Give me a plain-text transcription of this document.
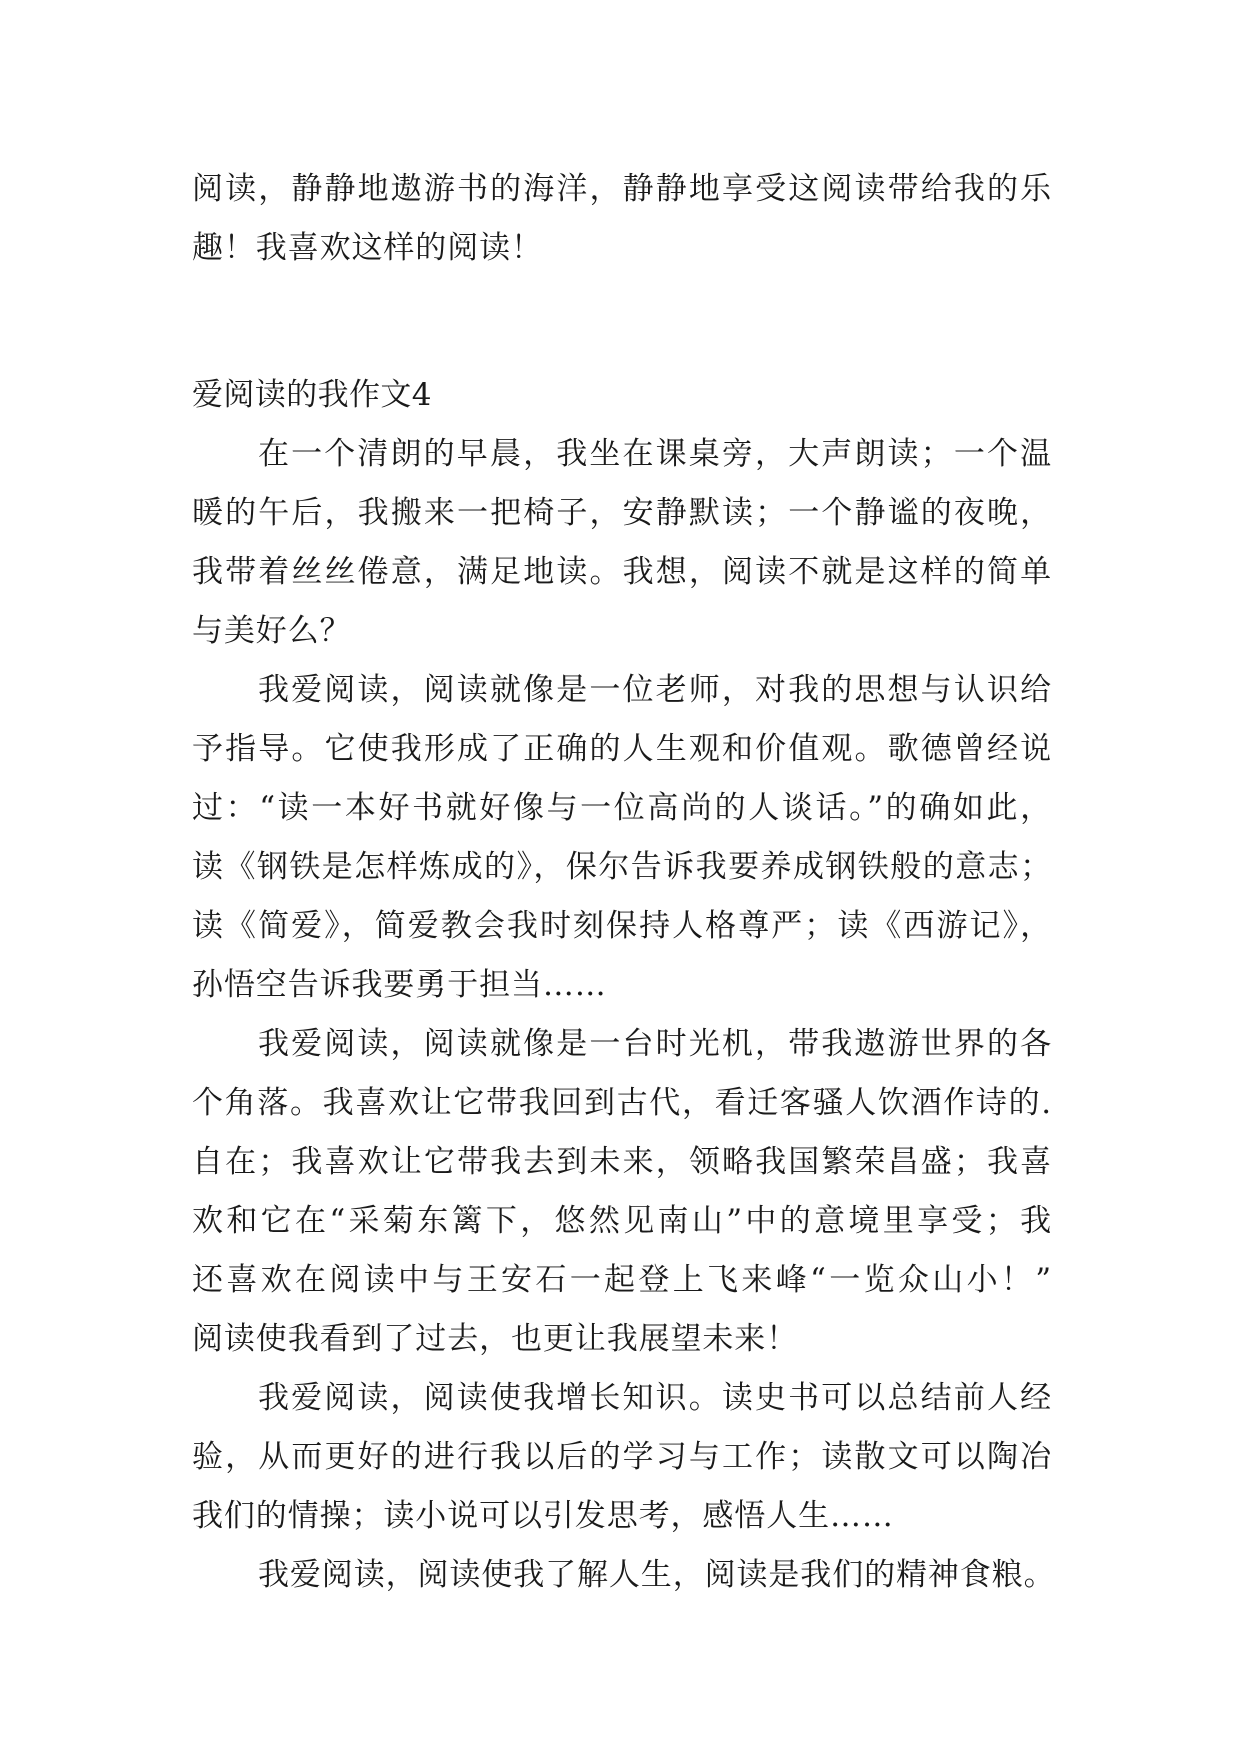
阅读，静静地遨游书的海洋，静静地享受这阅读带给我的乐
趣！我喜欢这样的阅读！
爱阅读的我作文4
在一个清朗的早晨，我坐在课桌旁，大声朗读；一个温
暖的午后，我搬来一把椅子，安静默读；一个静谧的夜晚，
我带着丝丝倦意，满足地读。我想，阅读不就是这样的简单
与美好么？
我爱阅读，阅读就像是一位老师，对我的思想与认识给
予指导。它使我形成了正确的人生观和价值观。歌德曾经说
过：“读一本好书就好像与一位高尚的人谈话。”的确如此，
读《钢铁是怎样炼成的》，保尔告诉我要养成钢铁般的意志；
读《简爱》，简爱教会我时刻保持人格尊严；读《西游记》，
孙悟空告诉我要勇于担当……
我爱阅读，阅读就像是一台时光机，带我遨游世界的各
个角落。我喜欢让它带我回到古代，看迁客骚人饮酒作诗的.
自在；我喜欢让它带我去到未来，领略我国繁荣昌盛；我喜
欢和它在“采菊东篱下，悠然见南山”中的意境里享受；我
还喜欢在阅读中与王安石一起登上飞来峰“一览众山小！”
阅读使我看到了过去，也更让我展望未来！
我爱阅读，阅读使我增长知识。读史书可以总结前人经
验，从而更好的进行我以后的学习与工作；读散文可以陶冶
我们的情操；读小说可以引发思考，感悟人生……
我爱阅读，阅读使我了解人生，阅读是我们的精神食粮。
